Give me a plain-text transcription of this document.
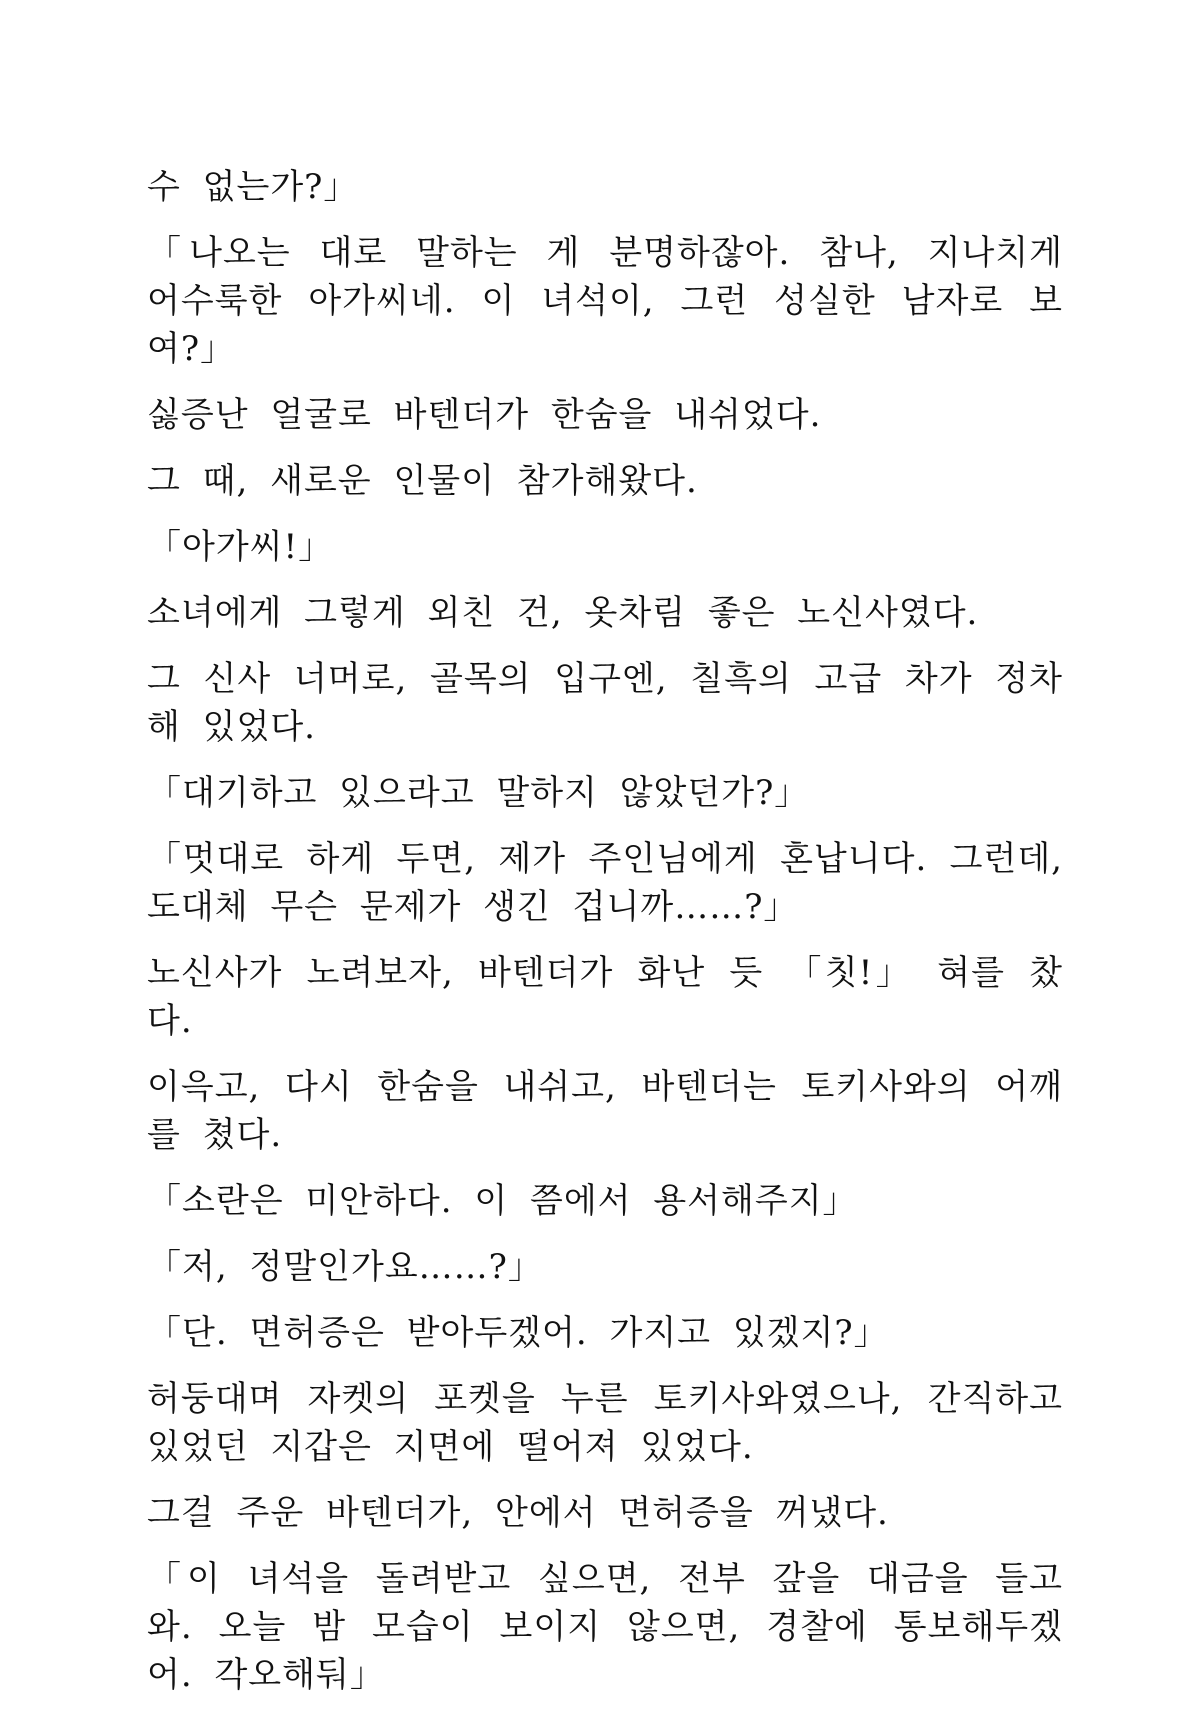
수 없는가?」

「나오는 대로 말하는 게 분명하잖아. 참나, 지나치게 어수룩한 아가씨네. 이 녀석이, 그런 성실한 남자로 보여?」

싫증난 얼굴로 바텐더가 한숨을 내쉬었다.

그 때, 새로운 인물이 참가해왔다.

「아가씨!」

소녀에게 그렇게 외친 건, 옷차림 좋은 노신사였다.

그 신사 너머로, 골목의 입구엔, 칠흑의 고급 차가 정차해 있었다.

「대기하고 있으라고 말하지 않았던가?」

「멋대로 하게 두면, 제가 주인님에게 혼납니다. 그런데, 도대체 무슨 문제가 생긴 겁니까……?」

노신사가 노려보자, 바텐더가 화난 듯 「칫!」 혀를 찼다.

이윽고, 다시 한숨을 내쉬고, 바텐더는 토키사와의 어깨를 쳤다.

「소란은 미안하다. 이 쯤에서 용서해주지」

「저, 정말인가요……?」

「단. 면허증은 받아두겠어. 가지고 있겠지?」

허둥대며 자켓의 포켓을 누른 토키사와였으나, 간직하고 있었던 지갑은 지면에 떨어져 있었다.

그걸 주운 바텐더가, 안에서 면허증을 꺼냈다.

「이 녀석을 돌려받고 싶으면, 전부 갚을 대금을 들고 와. 오늘 밤 모습이 보이지 않으면, 경찰에 통보해두겠어. 각오해둬」
